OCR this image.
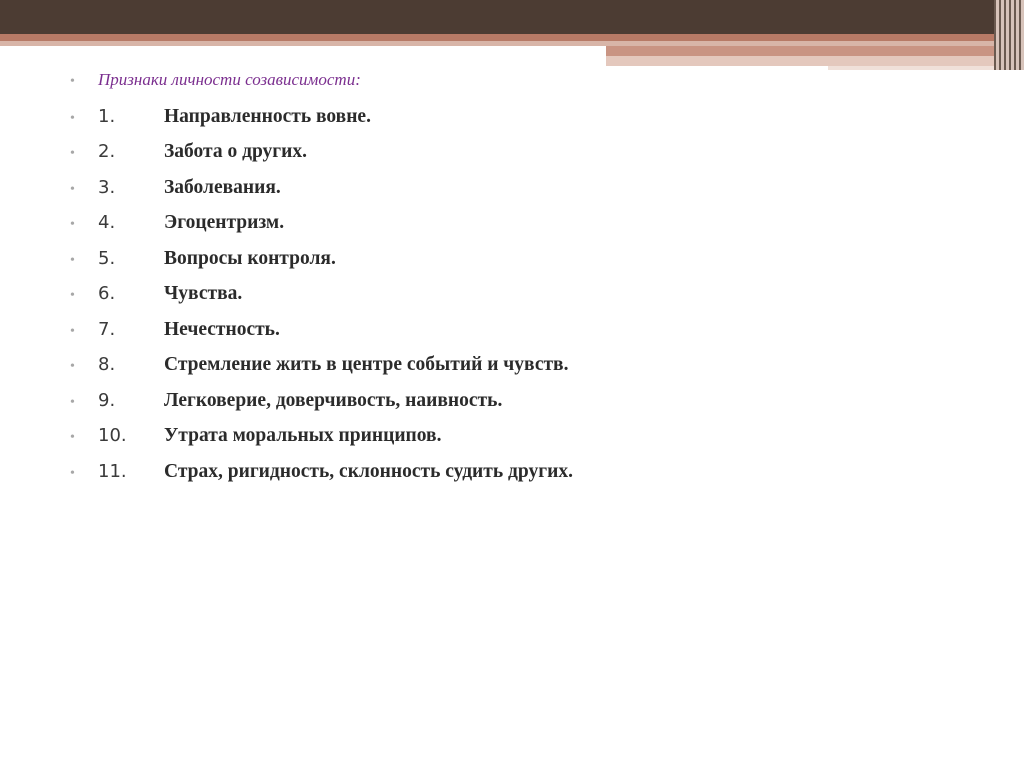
•	Признаки личности созависимости:
•	1.	Направленность вовне.
•	2.	Забота о других.
•	3.	Заболевания.
•	4.	Эгоцентризм.
•	5.	Вопросы контроля.
•	6.	Чувства.
•	7.	Нечестность.
•	8.	Стремление жить в центре событий и чувств.
•	9.	Легковерие, доверчивость, наивность.
•	10.	Утрата моральных принципов.
•	11.	Страх, ригидность, склонность судить других.
